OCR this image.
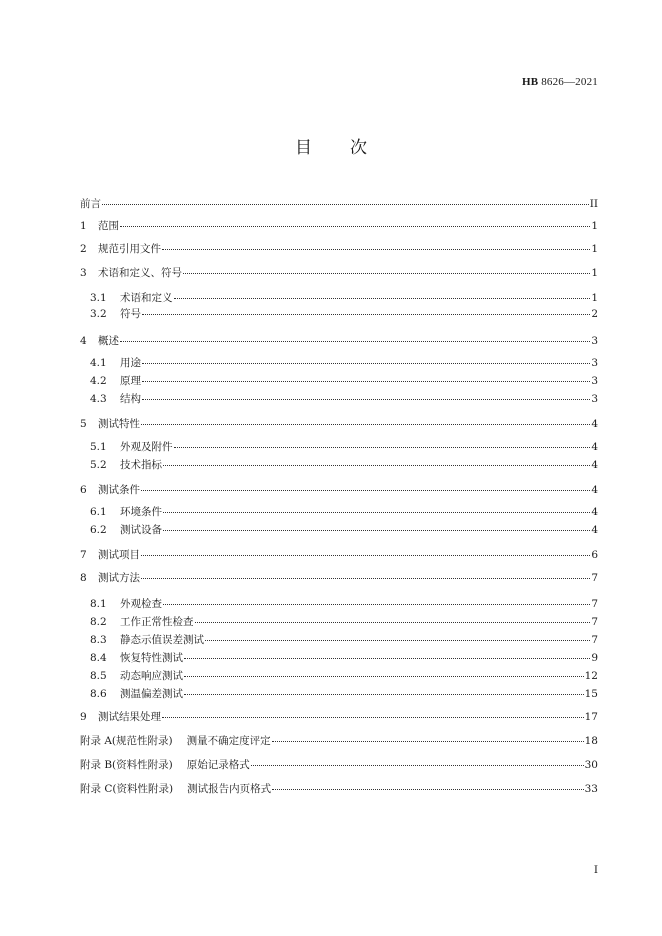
HB 8626—2021
目次
前言	II
1	范围	1
2	规范引用文件	1
3	术语和定义、符号	1
3.1	术语和定义	1
3.2	符号	2
4	概述	3
4.1	用途	3
4.2	原理	3
4.3	结构	3
5	测试特性	4
5.1	外观及附件	4
5.2	技术指标	4
6	测试条件	4
6.1	环境条件	4
6.2	测试设备	4
7	测试项目	6
8	测试方法	7
8.1	外观检查	7
8.2	工作正常性检查	7
8.3	静态示值误差测试	7
8.4	恢复特性测试	9
8.5	动态响应测试	12
8.6	测温偏差测试	15
9	测试结果处理	17
附录 A(规范性附录)	测量不确定度评定	18
附录 B(资料性附录)	原始记录格式	30
附录 C(资料性附录)	测试报告内页格式	33
I
